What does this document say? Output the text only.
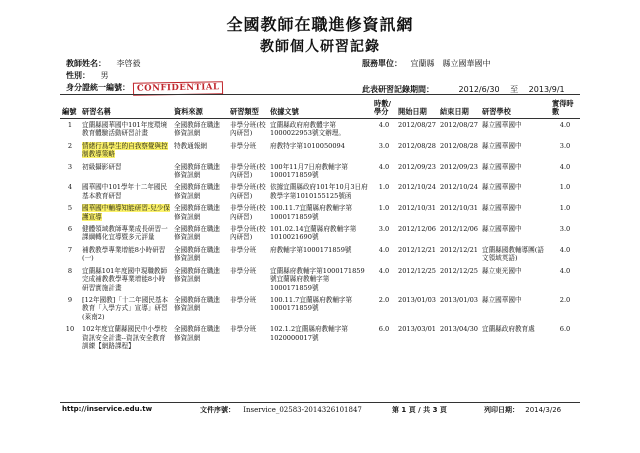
全國教師在職進修資訊網
教師個人研習記錄
教師姓名： 李啓毅
性別： 男
身分證統一編號： CONFIDENTIAL
服務單位： 宜蘭縣　縣立國華國中
此表研習記錄期間：	2012/6/30 至 2013/9/1
編號	研習名稱	資料來源	研習類型	依據文號	時數/學分	開始日期	結束日期	研習學校	實得時數
1	宜蘭縣國華國中101年度環境教育體驗活動研習計畫	全國教師在職進修資訊網	非學分班(校內研習)	宜蘭縣政府府教體字第1000022953號文辦理。	4.0	2012/08/27	2012/08/27	縣立國華國中	4.0
2	情緒行爲學生的自我察覺與控制教導策略	特教通報網	非學分班	府教特字第1010050094	3.0	2012/08/28	2012/08/28	縣立國華國中	3.0
3	初級攝影研習	全國教師在職進修資訊網	非學分班(校內研習)	100年11月7日府教輔字第1000171859號	4.0	2012/09/23	2012/09/23	縣立國華國中	4.0
4	國華國中101學年十二年國民基本教育研習	全國教師在職進修資訊網	非學分班(校內研習)	依據宜蘭縣政府101年10月3日府教學字第1010155125號函	1.0	2012/10/24	2012/10/24	縣立國華國中	1.0
5	國華國中輔導知能研習-兒少保護宣導	全國教師在職進修資訊網	非學分班(校內研習)	100.11.7宜蘭縣府教輔字第1000171859號	1.0	2012/10/31	2012/10/31	縣立國華國中	1.0
6	健體領域教師專業成長研習一課綱轉化宜導暨多元評量	全國教師在職進修資訊網	非學分班(校內研習)	101.02.14宜蘭縣府教輔字第1010021690號	3.0	2012/12/06	2012/12/06	縣立國華國中	3.0
7	補教教學專業增能8小時研習(一)	全國教師在職進修資訊網	非學分班	府教輔字第1000171859號	4.0	2012/12/21	2012/12/21	宜蘭縣國教輔導團(語文領域英語)	4.0
8	宜蘭縣101年度國中現職教師完成補教教學專業增能8小時研習實施計畫	全國教師在職進修資訊網	非學分班	宜蘭縣府教輔字第1000171859號宜蘭縣府教輔字第1000171859號	4.0	2012/12/25	2012/12/25	縣立東光國中	4.0
9	[12年國教]「十二年國民基本教育「入學方式」宣導」研習(萊南2)	全國教師在職進修資訊網	非學分班	100.11.7宜蘭縣府教輔字第1000171859號	2.0	2013/01/03	2013/01/03	縣立國華國中	2.0
10	102年度宜蘭縣國民中小學校資訊安全計畫--資訊安全教育訓練【網路課程】	全國教師在職進修資訊網	非學分班	102.1.2宜蘭縣府教輔字第1020000017號	6.0	2013/03/01	2013/04/30	宜蘭縣政府教育處	6.0
http://inservice.edu.tw	文件序號： Inservice_02583-2014326101847	第 1 頁 / 共 3 頁	列印日期： 2014/3/26
